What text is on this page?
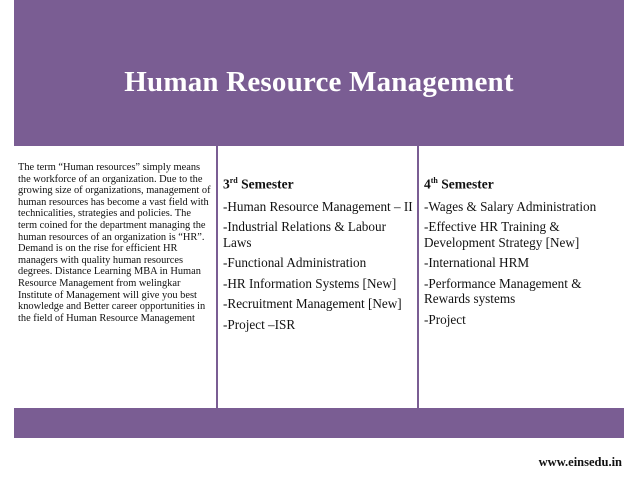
Human Resource Management

The term “Human resources” simply means the workforce of an organization. Due to the growing size of organizations, management of human resources has become a vast field with technicalities, strategies and policies. The term coined for the department managing the human resources of an organization is “HR”. Demand is on the rise for efficient HR managers with quality human resources degrees. Distance Learning MBA in Human Resource Management from welingkar Institute of Management will give you best knowledge and Better career opportunities in the field of Human Resource Management

3rd Semester

-Human Resource Management – II

-Industrial Relations & Labour Laws

-Functional Administration

-HR Information Systems [New]

-Recruitment Management [New]

-Project –ISR

4th Semester

-Wages & Salary Administration

-Effective HR Training & Development Strategy [New]

-International HRM

-Performance Management & Rewards systems

-Project

www.einsedu.in
